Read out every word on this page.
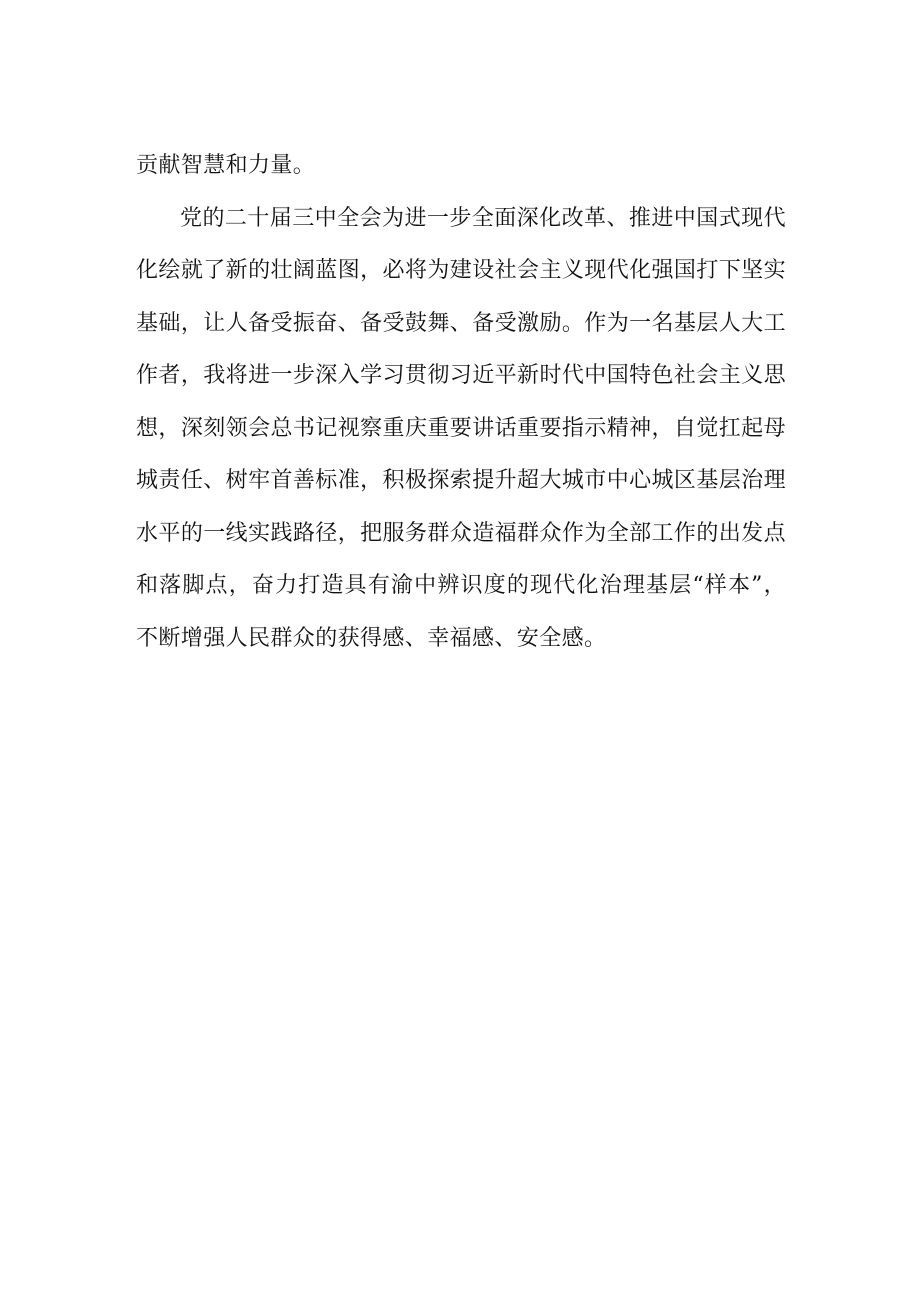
贡献智慧和力量。

党的二十届三中全会为进一步全面深化改革、推进中国式现代化绘就了新的壮阔蓝图，必将为建设社会主义现代化强国打下坚实基础，让人备受振奋、备受鼓舞、备受激励。作为一名基层人大工作者，我将进一步深入学习贯彻习近平新时代中国特色社会主义思想，深刻领会总书记视察重庆重要讲话重要指示精神，自觉扛起母城责任、树牢首善标准，积极探索提升超大城市中心城区基层治理水平的一线实践路径，把服务群众造福群众作为全部工作的出发点和落脚点，奋力打造具有渝中辨识度的现代化治理基层“样本”，不断增强人民群众的获得感、幸福感、安全感。
